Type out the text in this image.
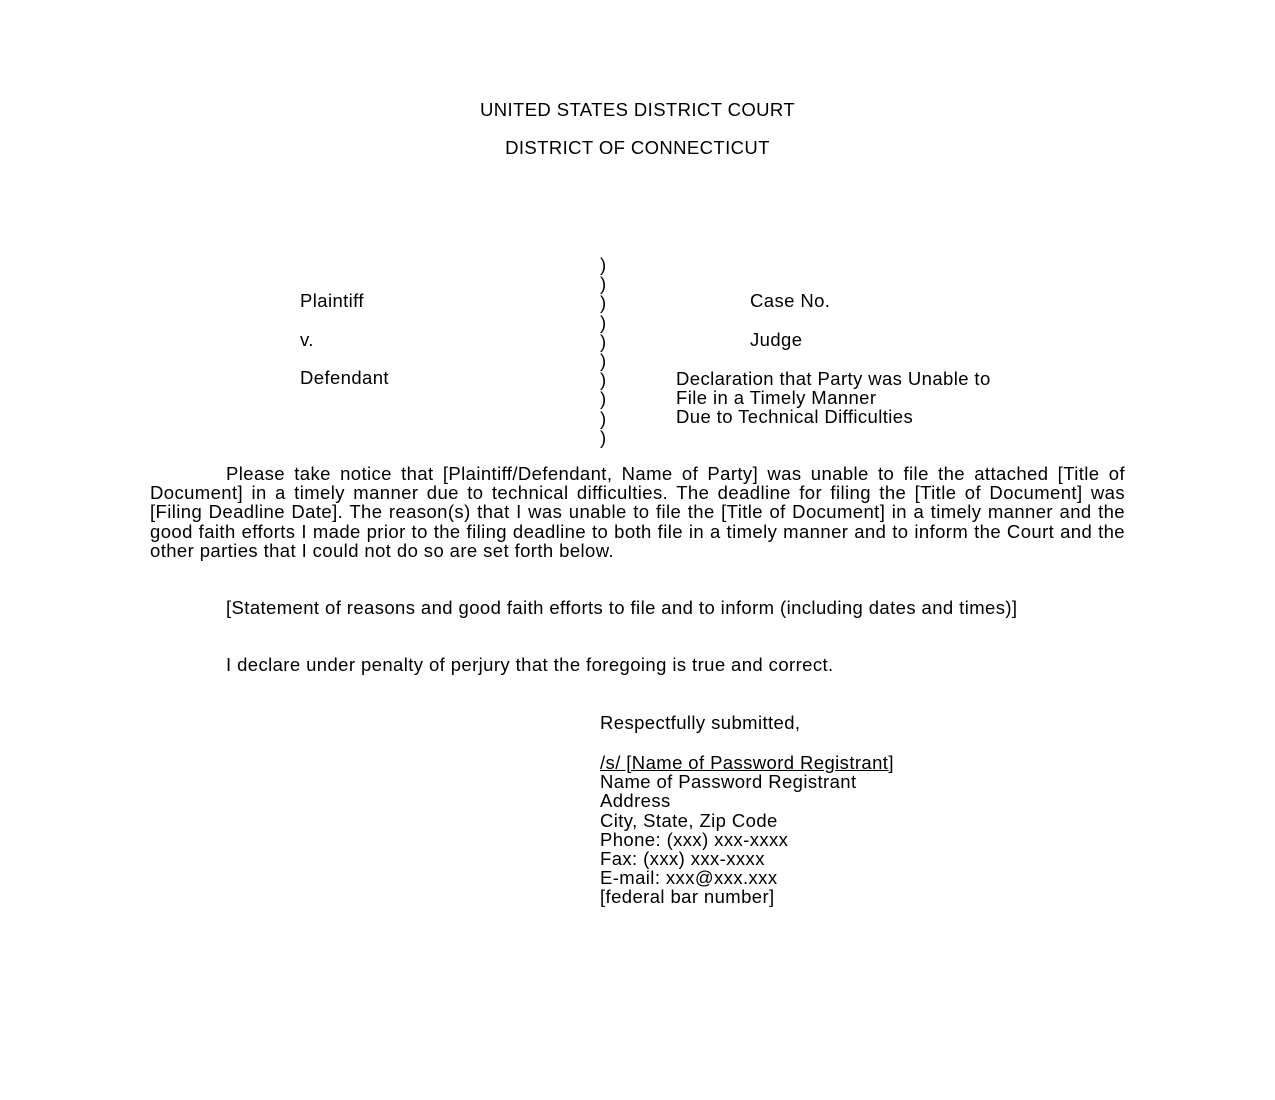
UNITED STATES DISTRICT COURT
DISTRICT OF CONNECTICUT
Plaintiff
v.
Defendant
)
)
)
)
)
)
)
)
)
)
Case No.
Judge
Declaration that Party was Unable to
File in a Timely Manner
Due to Technical Difficulties

Please take notice that [Plaintiff/Defendant, Name of Party] was unable to file the attached [Title of Document] in a timely manner due to technical difficulties. The deadline for filing the [Title of Document] was [Filing Deadline Date]. The reason(s) that I was unable to file the [Title of Document] in a timely manner and the good faith efforts I made prior to the filing deadline to both file in a timely manner and to inform the Court and the other parties that I could not do so are set forth below.

[Statement of reasons and good faith efforts to file and to inform (including dates and times)]

I declare under penalty of perjury that the foregoing is true and correct.

Respectfully submitted,
/s/ [Name of Password Registrant]
Name of Password Registrant
Address
City, State, Zip Code
Phone: (xxx) xxx-xxxx
Fax: (xxx) xxx-xxxx
E-mail: xxx@xxx.xxx
[federal bar number]
